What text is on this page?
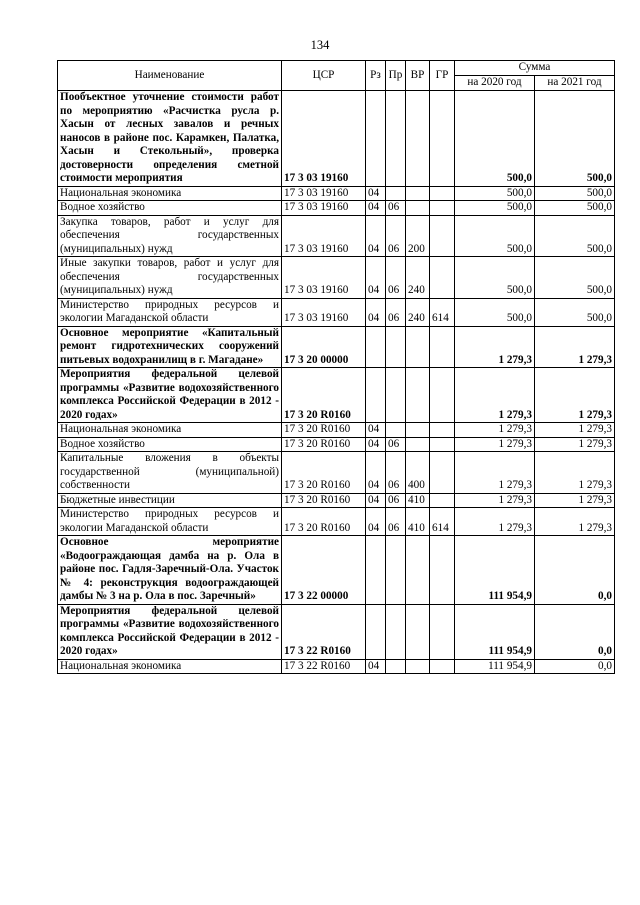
134
Наименование	ЦСР	Рз	Пр	ВР	ГР	Сумма	
						на 2020 год	на 2021 год
Пообъектное уточнение стоимости работ по мероприятию «Расчистка русла р. Хасын от лесных завалов и речных наносов в районе пос. Карамкен, Палатка, Хасын и Стекольный», проверка достоверности определения сметной стоимости мероприятия	17 3 03 19160					500,0	500,0
Национальная экономика	17 3 03 19160	04				500,0	500,0
Водное хозяйство	17 3 03 19160	04	06			500,0	500,0
Закупка товаров, работ и услуг для обеспечения государственных (муниципальных) нужд	17 3 03 19160	04	06	200		500,0	500,0
Иные закупки товаров, работ и услуг для обеспечения государственных (муниципальных) нужд	17 3 03 19160	04	06	240		500,0	500,0
Министерство природных ресурсов и экологии Магаданской области	17 3 03 19160	04	06	240	614	500,0	500,0
Основное мероприятие «Капитальный ремонт гидротехнических сооружений питьевых водохранилищ в г. Магадане»	17 3 20 00000					1 279,3	1 279,3
Мероприятия федеральной целевой программы «Развитие водохозяйственного комплекса Российской Федерации в 2012 - 2020 годах»	17 3 20 R0160					1 279,3	1 279,3
Национальная экономика	17 3 20 R0160	04				1 279,3	1 279,3
Водное хозяйство	17 3 20 R0160	04	06			1 279,3	1 279,3
Капитальные вложения в объекты государственной (муниципальной) собственности	17 3 20 R0160	04	06	400		1 279,3	1 279,3
Бюджетные инвестиции	17 3 20 R0160	04	06	410		1 279,3	1 279,3
Министерство природных ресурсов и экологии Магаданской области	17 3 20 R0160	04	06	410	614	1 279,3	1 279,3
Основное мероприятие «Водоограждающая дамба на р. Ола в районе пос. Гадля-Заречный-Ола. Участок № 4: реконструкция водоограждающей дамбы № 3 на р. Ола в пос. Заречный»	17 3 22 00000					111 954,9	0,0
Мероприятия федеральной целевой программы «Развитие водохозяйственного комплекса Российской Федерации в 2012 - 2020 годах»	17 3 22 R0160					111 954,9	0,0
Национальная экономика	17 3 22 R0160	04				111 954,9	0,0
